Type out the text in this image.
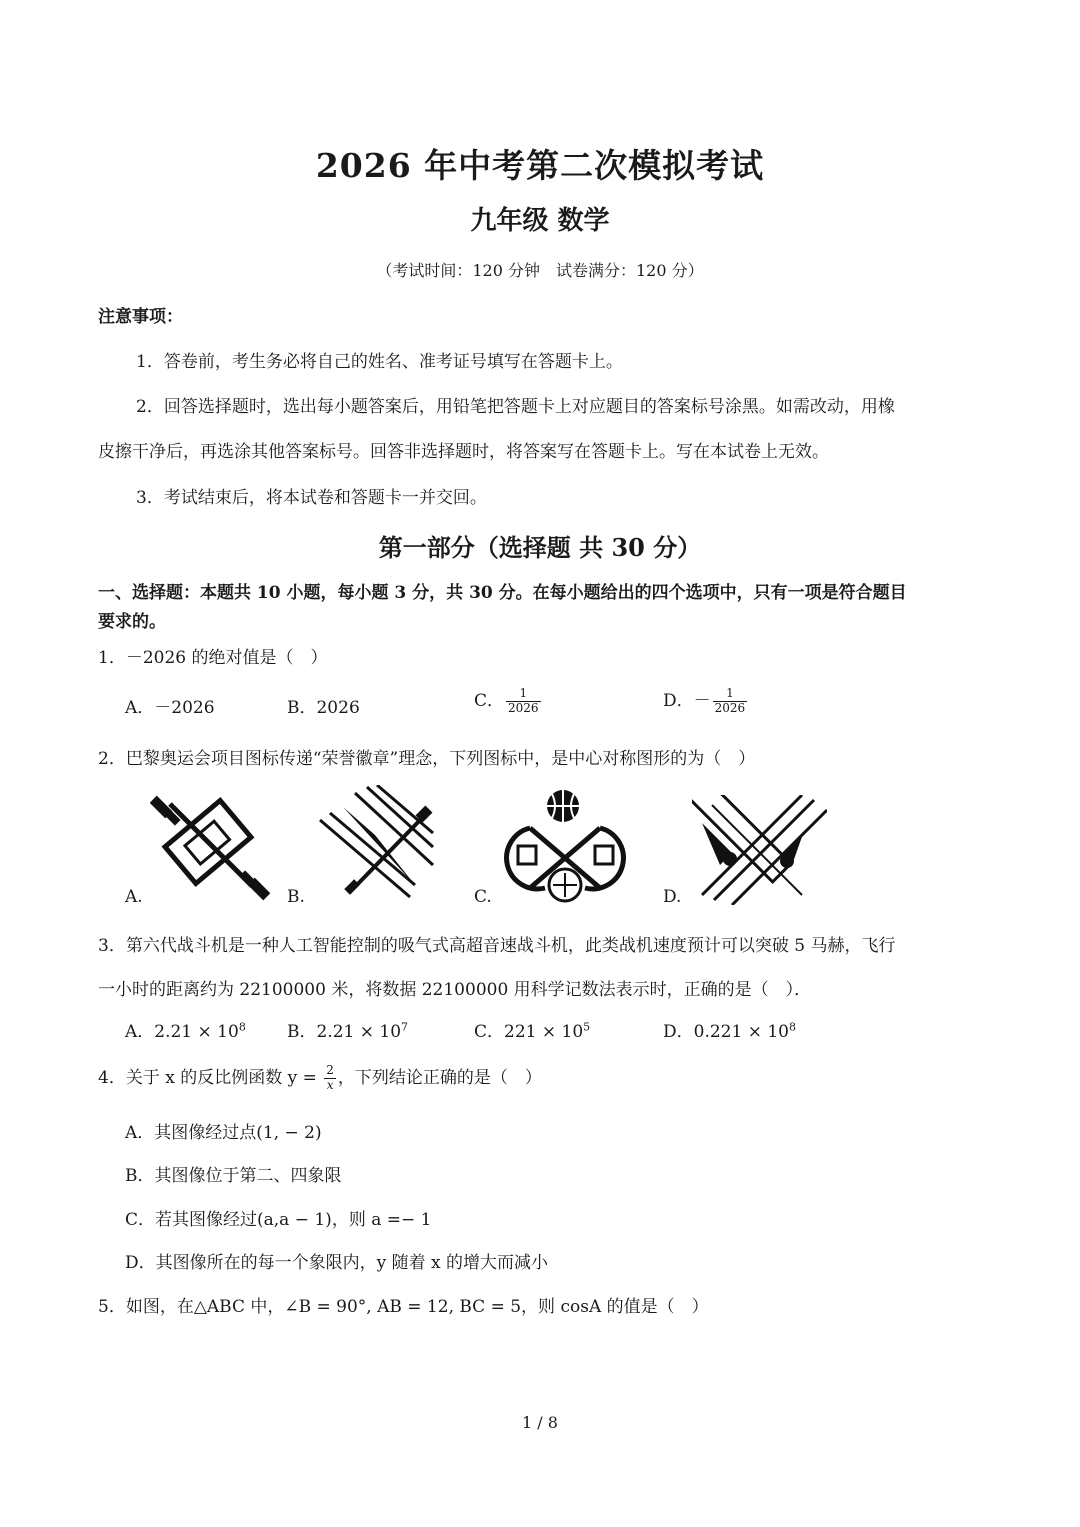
2026 年中考第二次模拟考试
九年级 数学
（考试时间：120 分钟　试卷满分：120 分）
注意事项：
1．答卷前，考生务必将自己的姓名、准考证号填写在答题卡上。
2．回答选择题时，选出每小题答案后，用铅笔把答题卡上对应题目的答案标号涂黑。如需改动，用橡
皮擦干净后，再选涂其他答案标号。回答非选择题时，将答案写在答题卡上。写在本试卷上无效。
3．考试结束后，将本试卷和答题卡一并交回。
第一部分（选择题 共 30 分）
一、选择题：本题共 10 小题，每小题 3 分，共 30 分。在每小题给出的四个选项中，只有一项是符合题目
要求的。
1．－2026 的绝对值是（　）
A．－2026	B．2026	C． $\frac{1}{2026}$	D．－ $\frac{1}{2026}$
2．巴黎奥运会项目图标传递“荣誉徽章”理念，下列图标中，是中心对称图形的为（　）
A.	B.	C.	D.
3．第六代战斗机是一种人工智能控制的吸气式高超音速战斗机，此类战机速度预计可以突破 5 马赫，飞行
一小时的距离约为 22100000 米，将数据 22100000 用科学记数法表示时，正确的是（　）．
A．$2.21 \times 10^8$ B．$2.21 \times 10^7$	C．$221 \times 10^5$	D．$0.221 \times 10^8$
4．关于 x 的反比例函数 $y = \frac{2}{x}$ ，下列结论正确的是（　）
A．其图像经过点(1, − 2)
B．其图像位于第二、四象限
C．若其图像经过(a,a − 1)，则 a =− 1
D．其图像所在的每一个象限内，y 随着 x 的增大而减小
5．如图，在△ABC 中，∠B = 90°, AB = 12, BC = 5，则 cosA 的值是（　）
1 / 8
